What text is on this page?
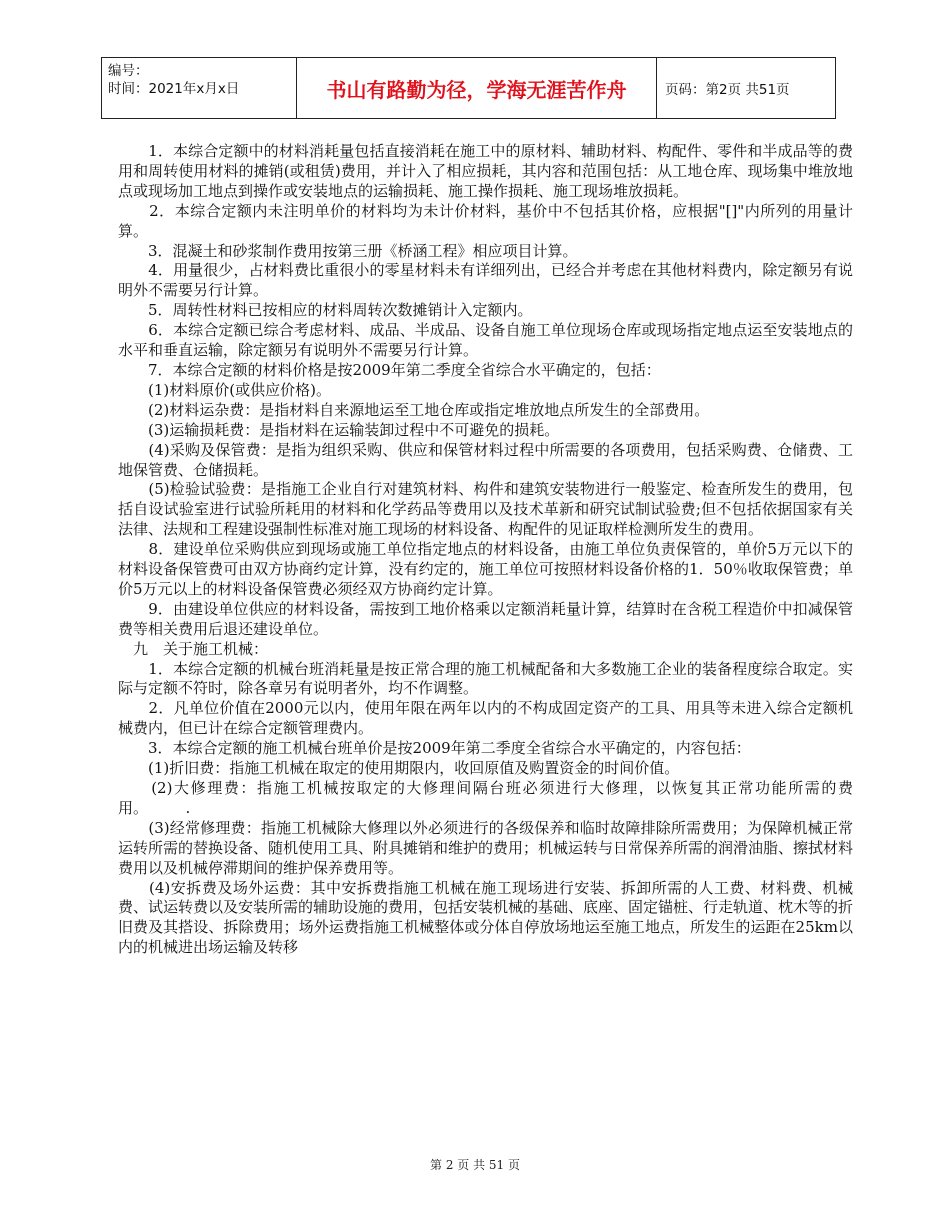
编号：
时间：2021年x月x日	书山有路勤为径，学海无涯苦作舟	页码：第2页 共51页

　　1．本综合定额中的材料消耗量包括直接消耗在施工中的原材料、辅助材料、构配件、零件和半成品等的费用和周转使用材料的摊销(或租赁)费用，并计入了相应损耗，其内容和范围包括：从工地仓库、现场集中堆放地点或现场加工地点到操作或安装地点的运输损耗、施工操作损耗、施工现场堆放损耗。

　　2．本综合定额内未注明单价的材料均为未计价材料，基价中不包括其价格，应根据"[]"内所列的用量计算。

　　3．混凝土和砂浆制作费用按第三册《桥涵工程》相应项目计算。

　　4．用量很少，占材料费比重很小的零星材料未有详细列出，已经合并考虑在其他材料费内，除定额另有说明外不需要另行计算。

　　5．周转性材料已按相应的材料周转次数摊销计入定额内。

　　6．本综合定额已综合考虑材料、成品、半成品、设备自施工单位现场仓库或现场指定地点运至安装地点的水平和垂直运输，除定额另有说明外不需要另行计算。

　　7．本综合定额的材料价格是按2009年第二季度全省综合水平确定的，包括：

　　(1)材料原价(或供应价格)。

　　(2)材料运杂费：是指材料自来源地运至工地仓库或指定堆放地点所发生的全部费用。

　　(3)运输损耗费：是指材料在运输装卸过程中不可避免的损耗。

　　(4)采购及保管费：是指为组织采购、供应和保管材料过程中所需要的各项费用，包括采购费、仓储费、工地保管费、仓储损耗。

　　(5)检验试验费：是指施工企业自行对建筑材料、构件和建筑安装物进行一般鉴定、检查所发生的费用，包括自设试验室进行试验所耗用的材料和化学药品等费用以及技术革新和研究试制试验费;但不包括依据国家有关法律、法规和工程建设强制性标准对施工现场的材料设备、构配件的见证取样检测所发生的费用。

　　8．建设单位采购供应到现场或施工单位指定地点的材料设备，由施工单位负责保管的，单价5万元以下的材料设备保管费可由双方协商约定计算，没有约定的，施工单位可按照材料设备价格的1．50％收取保管费；单价5万元以上的材料设备保管费必须经双方协商约定计算。

　　9．由建设单位供应的材料设备，需按到工地价格乘以定额消耗量计算，结算时在含税工程造价中扣减保管费等相关费用后退还建设单位。

　九　关于施工机械：

　　1．本综合定额的机械台班消耗量是按正常合理的施工机械配备和大多数施工企业的装备程度综合取定。实际与定额不符时，除各章另有说明者外，均不作调整。

　　2．凡单位价值在2000元以内，使用年限在两年以内的不构成固定资产的工具、用具等未进入综合定额机械费内，但已计在综合定额管理费内。

　　3．本综合定额的施工机械台班单价是按2009年第二季度全省综合水平确定的，内容包括：

　　(1)折旧费：指施工机械在取定的使用期限内，收回原值及购置资金的时间价值。

　　(2)大修理费：指施工机械按取定的大修理间隔台班必须进行大修理，以恢复其正常功能所需的费用。　　　.

　　(3)经常修理费：指施工机械除大修理以外必须进行的各级保养和临时故障排除所需费用；为保障机械正常运转所需的替换设备、随机使用工具、附具摊销和维护的费用；机械运转与日常保养所需的润滑油脂、擦拭材料费用以及机械停滞期间的维护保养费用等。

　　(4)安拆费及场外运费：其中安拆费指施工机械在施工现场进行安装、拆卸所需的人工费、材料费、机械费、试运转费以及安装所需的辅助设施的费用，包括安装机械的基础、底座、固定锚桩、行走轨道、枕木等的折旧费及其搭设、拆除费用；场外运费指施工机械整体或分体自停放场地运至施工地点，所发生的运距在25km以内的机械进出场运输及转移

第 2 页 共 51 页
